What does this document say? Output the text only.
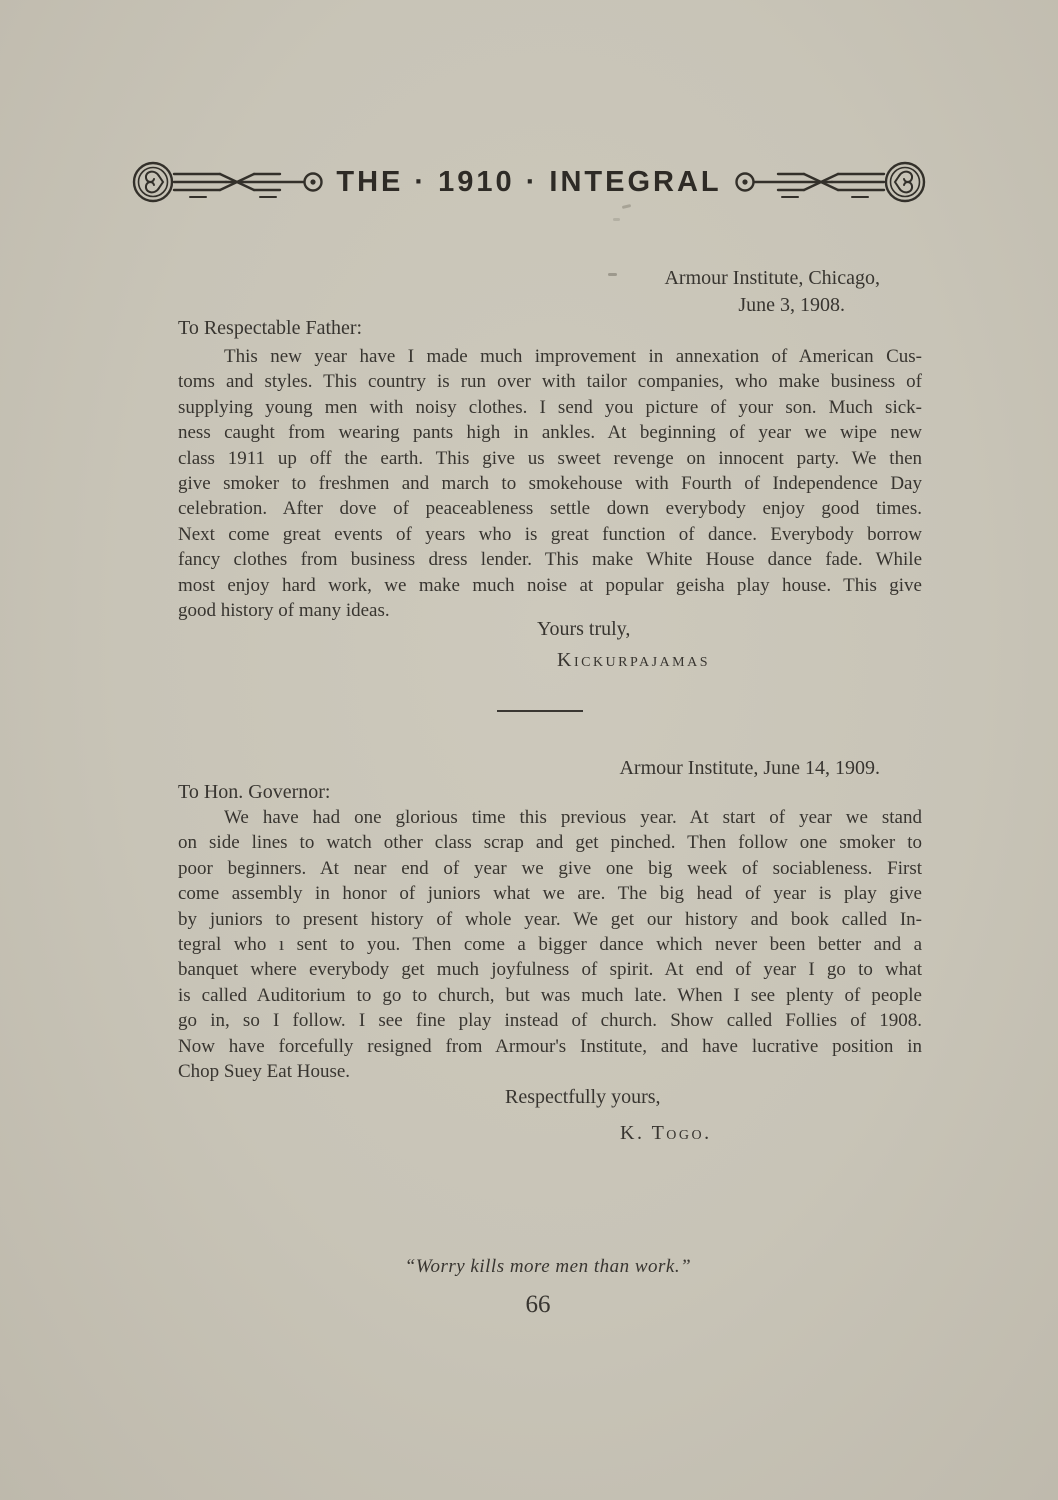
THE · 1910 · INTEGRAL
Armour Institute, Chicago,
June 3, 1908.
To Respectable Father:
This new year have I made much improvement in annexation of American Cus-
toms and styles. This country is run over with tailor companies, who make business of
supplying young men with noisy clothes. I send you picture of your son. Much sick-
ness caught from wearing pants high in ankles. At beginning of year we wipe new
class 1911 up off the earth. This give us sweet revenge on innocent party. We then
give smoker to freshmen and march to smokehouse with Fourth of Independence Day
celebration. After dove of peaceableness settle down everybody enjoy good times.
Next come great events of years who is great function of dance. Everybody borrow
fancy clothes from business dress lender. This make White House dance fade. While
most enjoy hard work, we make much noise at popular geisha play house. This give
good history of many ideas.
Yours truly,
Kickurpajamas
Armour Institute, June 14, 1909.
To Hon. Governor:
We have had one glorious time this previous year. At start of year we stand
on side lines to watch other class scrap and get pinched. Then follow one smoker to
poor beginners. At near end of year we give one big week of sociableness. First
come assembly in honor of juniors what we are. The big head of year is play give
by juniors to present history of whole year. We get our history and book called In-
tegral who ı sent to you. Then come a bigger dance which never been better and a
banquet where everybody get much joyfulness of spirit. At end of year I go to what
is called Auditorium to go to church, but was much late. When I see plenty of people
go in, so I follow. I see fine play instead of church. Show called Follies of 1908.
Now have forcefully resigned from Armour's Institute, and have lucrative position in
Chop Suey Eat House.
Respectfully yours,
K. Togo.
“Worry kills more men than work.”
66
